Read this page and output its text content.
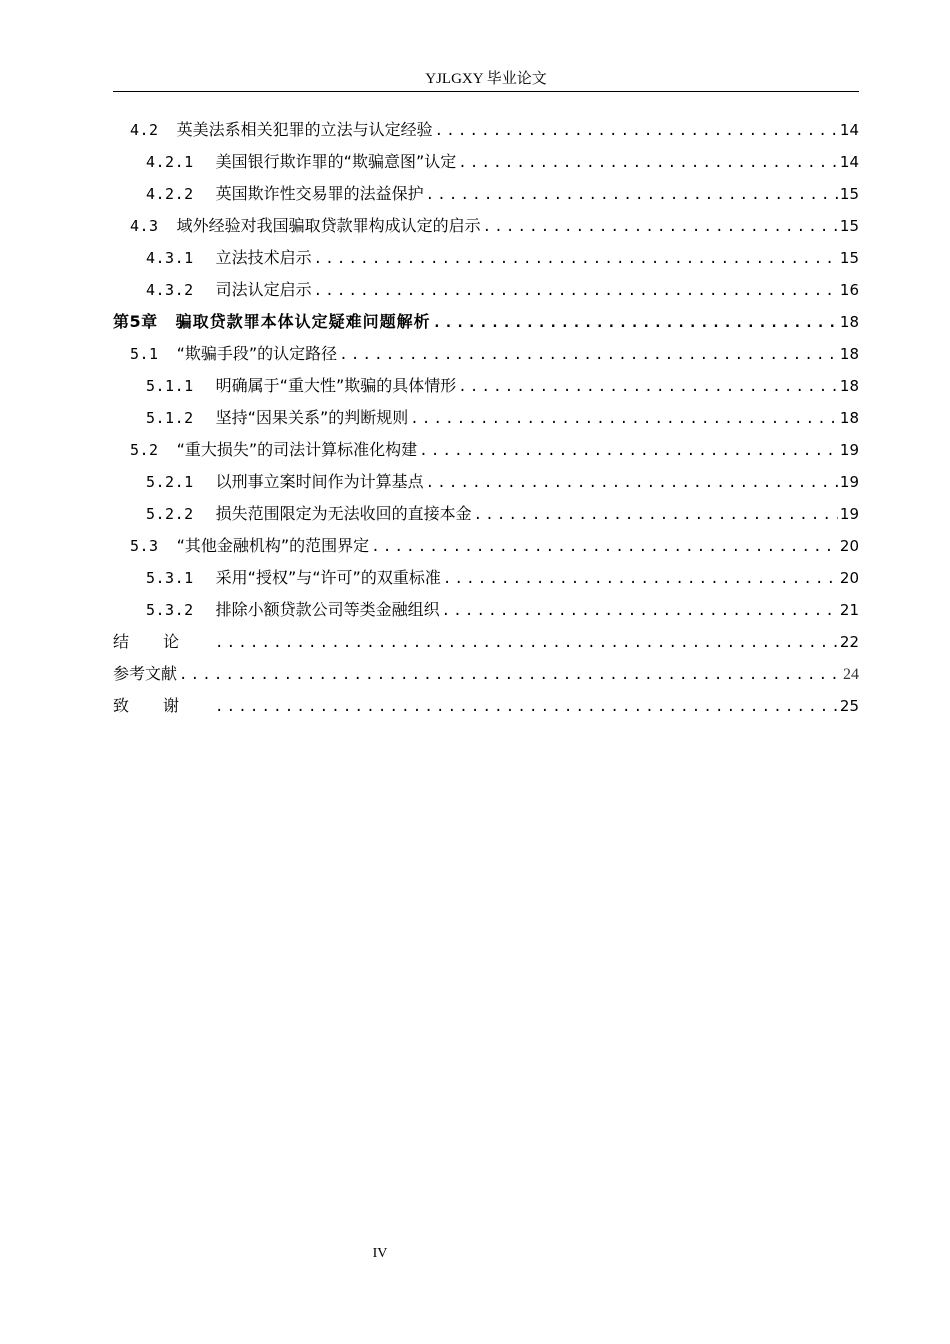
YJLGXY 毕业论文
4.2 英美法系相关犯罪的立法与认定经验 .....	14
4.2.1 美国银行欺诈罪的“欺骗意图”认定 .....	14
4.2.2 英国欺诈性交易罪的法益保护 .....	15
4.3 域外经验对我国骗取贷款罪构成认定的启示 .....	15
4.3.1 立法技术启示 .....	15
4.3.2 司法认定启示 .....	16
第5章 骗取贷款罪本体认定疑难问题解析 .....	18
5.1 “欺骗手段”的认定路径 .....	18
5.1.1 明确属于“重大性”欺骗的具体情形 .....	18
5.1.2 坚持“因果关系”的判断规则 .....	18
5.2 “重大损失”的司法计算标准化构建 .....	19
5.2.1 以刑事立案时间作为计算基点 .....	19
5.2.2 损失范围限定为无法收回的直接本金 .....	19
5.3 “其他金融机构”的范围界定 .....	20
5.3.1 采用“授权”与“许可”的双重标准 .....	20
5.3.2 排除小额贷款公司等类金融组织 .....	21
结论 .....	22
参考文献 .....	24
致谢 .....	25
IV
